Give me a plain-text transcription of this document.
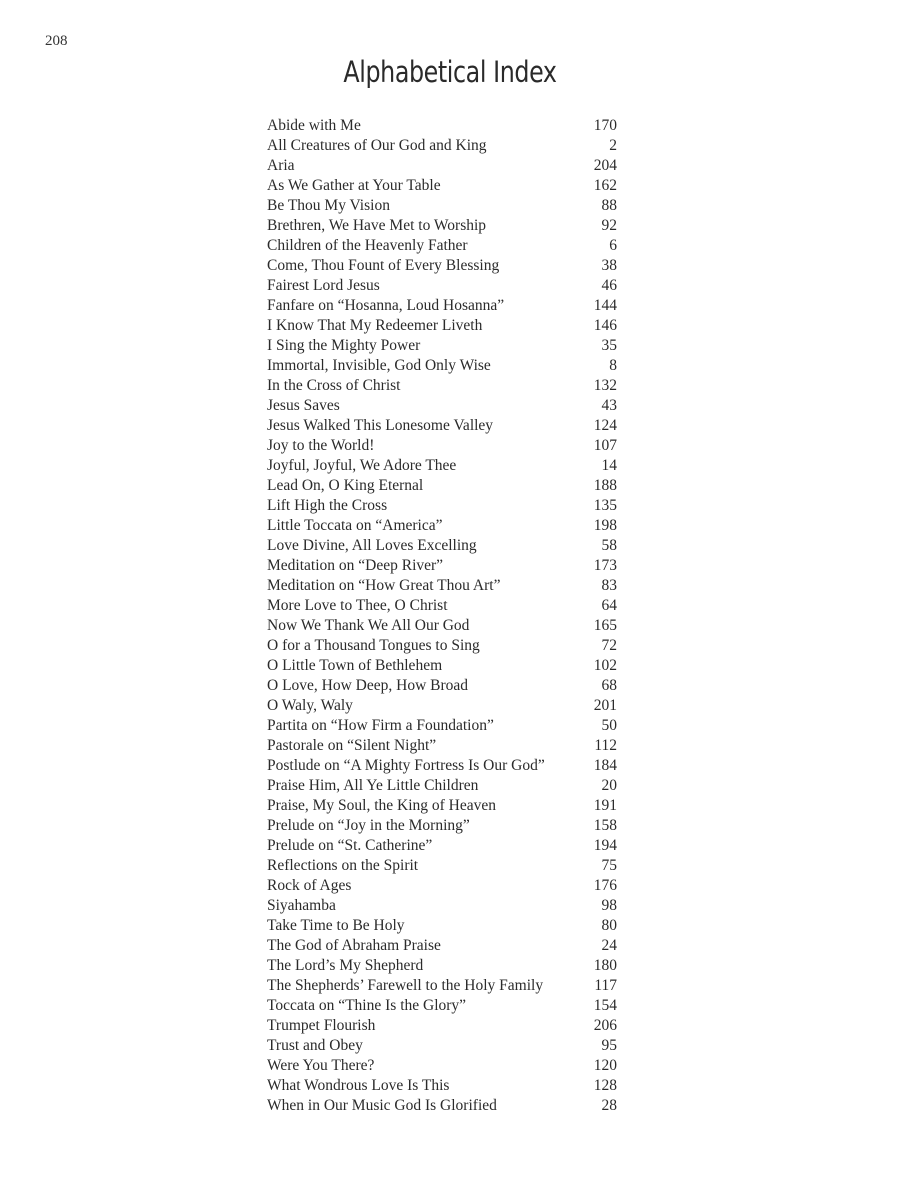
208
Alphabetical Index
Abide with Me	170
All Creatures of Our God and King	2
Aria	204
As We Gather at Your Table	162
Be Thou My Vision	88
Brethren, We Have Met to Worship	92
Children of the Heavenly Father	6
Come, Thou Fount of Every Blessing	38
Fairest Lord Jesus	46
Fanfare on “Hosanna, Loud Hosanna”	144
I Know That My Redeemer Liveth	146
I Sing the Mighty Power	35
Immortal, Invisible, God Only Wise	8
In the Cross of Christ	132
Jesus Saves	43
Jesus Walked This Lonesome Valley	124
Joy to the World!	107
Joyful, Joyful, We Adore Thee	14
Lead On, O King Eternal	188
Lift High the Cross	135
Little Toccata on “America”	198
Love Divine, All Loves Excelling	58
Meditation on “Deep River”	173
Meditation on “How Great Thou Art”	83
More Love to Thee, O Christ	64
Now We Thank We All Our God	165
O for a Thousand Tongues to Sing	72
O Little Town of Bethlehem	102
O Love, How Deep, How Broad	68
O Waly, Waly	201
Partita on “How Firm a Foundation”	50
Pastorale on “Silent Night”	112
Postlude on “A Mighty Fortress Is Our God”	184
Praise Him, All Ye Little Children	20
Praise, My Soul, the King of Heaven	191
Prelude on “Joy in the Morning”	158
Prelude on “St. Catherine”	194
Reflections on the Spirit	75
Rock of Ages	176
Siyahamba	98
Take Time to Be Holy	80
The God of Abraham Praise	24
The Lord’s My Shepherd	180
The Shepherds’ Farewell to the Holy Family	117
Toccata on “Thine Is the Glory”	154
Trumpet Flourish	206
Trust and Obey	95
Were You There?	120
What Wondrous Love Is This	128
When in Our Music God Is Glorified	28
